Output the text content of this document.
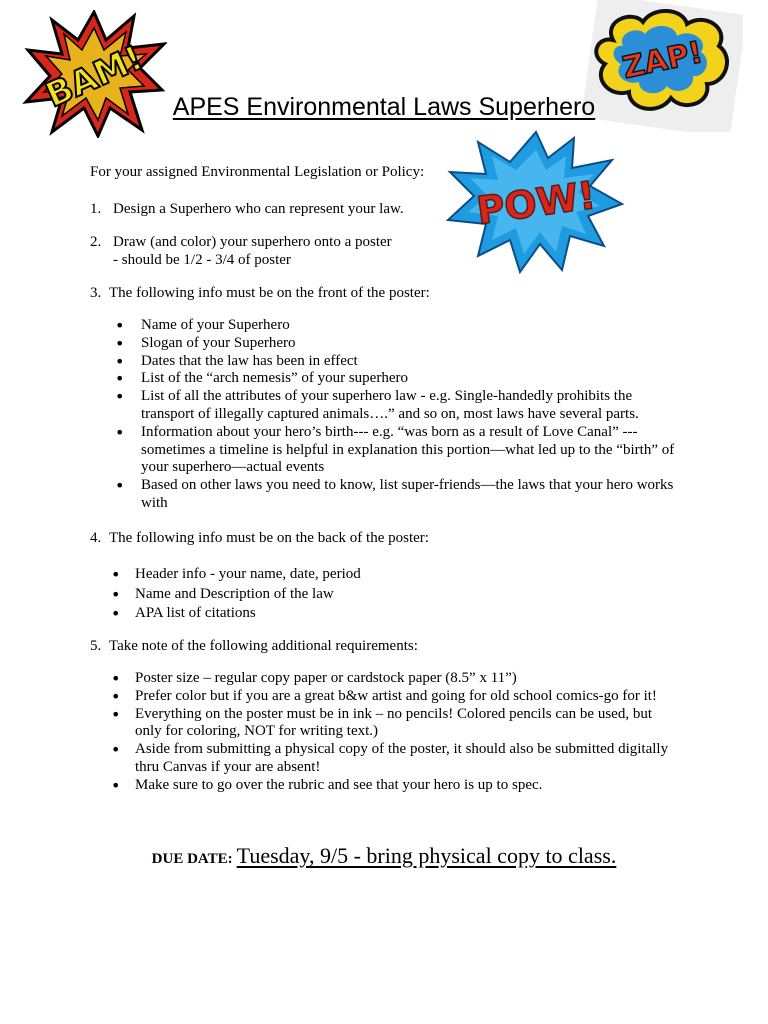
BAM!	ZAP!
POW!
APES Environmental Laws Superhero
For your assigned Environmental Legislation or Policy:
1. Design a Superhero who can represent your law.
2. Draw (and color) your superhero onto a poster
- should be 1/2 - 3/4 of poster
3. The following info must be on the front of the poster:
• Name of your Superhero
• Slogan of your Superhero
• Dates that the law has been in effect
• List of the “arch nemesis” of your superhero
• List of all the attributes of your superhero law - e.g. Single-handedly prohibits the
transport of illegally captured animals….” and so on, most laws have several parts.
• Information about your hero’s birth--- e.g. “was born as a result of Love Canal” ---
sometimes a timeline is helpful in explanation this portion—what led up to the “birth” of
your superhero—actual events
• Based on other laws you need to know, list super-friends—the laws that your hero works
with
4. The following info must be on the back of the poster:
• Header info - your name, date, period
• Name and Description of the law
• APA list of citations
5. Take note of the following additional requirements:
• Poster size – regular copy paper or cardstock paper (8.5” x 11”)
• Prefer color but if you are a great b&w artist and going for old school comics-go for it!
• Everything on the poster must be in ink – no pencils! Colored pencils can be used, but
only for coloring, NOT for writing text.)
• Aside from submitting a physical copy of the poster, it should also be submitted digitally
thru Canvas if your are absent!
• Make sure to go over the rubric and see that your hero is up to spec.
DUE DATE: Tuesday, 9/5 - bring physical copy to class.
